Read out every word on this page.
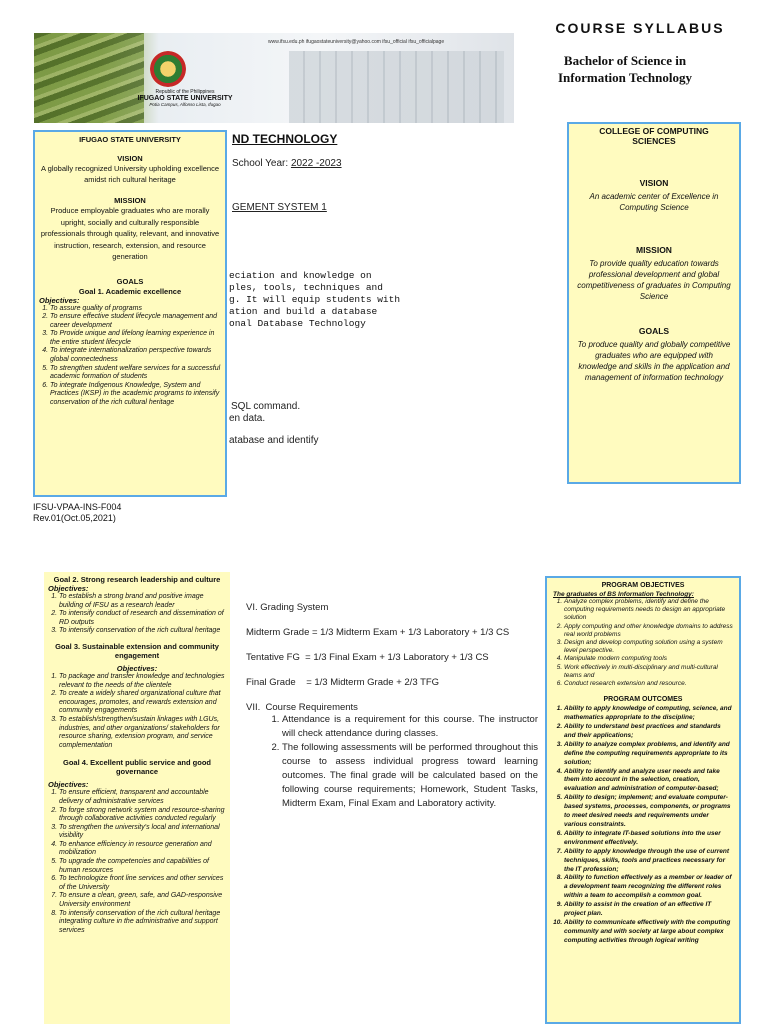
www.ifsu.edu.ph ifugaostateuniversity@yahoo.com ifsu_official ifsu_officialpage
Republic of the Philippines
IFUGAO STATE UNIVERSITY
Potia Campus, Alfonso Lista, Ifugao
COURSE SYLLABUS
Bachelor of Science in
Information Technology
ND TECHNOLOGY
School Year: 2022 -2023
GEMENT SYSTEM 1
eciation and knowledge on
ples, tools, techniques and
g. It will equip students with
ation and build a database
onal Database Technology
SQL command.
en data.
atabase and identify
IFSU-VPAA-INS-F004
Rev.01(Oct.05,2021)
IFUGAO STATE UNIVERSITY
VISION
A globally recognized University upholding excellence amidst rich cultural heritage
MISSION
Produce employable graduates who are morally upright, socially and culturally responsible professionals through quality, relevant, and innovative instruction, research, extension, and resource generation
GOALS
Goal 1. Academic excellence
Objectives:
1. To assure quality of programs
2. To ensure effective student lifecycle management and career development
3. To Provide unique and lifelong learning experience in the entire student lifecycle
4. To integrate internationalization perspective towards global connectedness
5. To strengthen student welfare services for a successful academic formation of students
6. To integrate Indigenous Knowledge, System and Practices (IKSP) in the academic programs to intensify conservation of the rich cultural heritage
COLLEGE OF COMPUTING SCIENCES
VISION
An academic center of Excellence in Computing Science
MISSION
To provide quality education towards professional development and global competitiveness of graduates in Computing Science
GOALS
To produce quality and globally competitive graduates who are equipped with knowledge and skills in the application and management of information technology
Goal 2. Strong research leadership and culture
Objectives:
1. To establish a strong brand and positive image building of IFSU as a research leader
2. To intensify conduct of research and dissemination of RD outputs
3. To intensify conservation of the rich cultural heritage
Goal 3. Sustainable extension and community engagement
Objectives:
1. To package and transfer knowledge and technologies relevant to the needs of the clientele
2. To create a widely shared organizational culture that encourages, promotes, and rewards extension and community engagements
3. To establish/strengthen/sustain linkages with LGUs, industries, and other organizations/ stakeholders for resource sharing, extension program, and service complementation
Goal 4. Excellent public service and good governance
Objectives:
1. To ensure efficient, transparent and accountable delivery of administrative services
2. To forge strong network system and resource-sharing through collaborative activities conducted regularly
3. To strengthen the university's local and international visibility
4. To enhance efficiency in resource generation and mobilization
5. To upgrade the competencies and capabilities of human resources
6. To technologize front line services and other services of the University
7. To ensure a clean, green, safe, and GAD-responsive University environment
8. To intensify conservation of the rich cultural heritage integrating culture in the administrative and support services

VI. Grading System

Midterm Grade = 1/3 Midterm Exam + 1/3 Laboratory + 1/3 CS

Tentative FG  = 1/3 Final Exam + 1/3 Laboratory + 1/3 CS

Final Grade    = 1/3 Midterm Grade + 2/3 TFG

VII.  Course Requirements

1. Attendance is a requirement for this course. The instructor will check attendance during classes.
2. The following assessments will be performed throughout this course to assess individual progress toward learning outcomes. The final grade will be calculated based on the following course requirements; Homework, Student Tasks, Midterm Exam, Final Exam and Laboratory activity.
PROGRAM OBJECTIVES
The graduates of BS Information Technology:
1. Analyze complex problems, identify and define the computing requirements needs to design an appropriate solution
2. Apply computing and other knowledge domains to address real world problems
3. Design and develop computing solution using a system level perspective.
4. Manipulate modern computing tools
5. Work effectively in multi-disciplinary and multi-cultural teams and
6. Conduct research extension and resource.
PROGRAM OUTCOMES
1. Ability to apply knowledge of computing, science, and mathematics appropriate to the discipline;
2. Ability to understand best practices and standards and their applications;
3. Ability to analyze complex problems, and identify and define the computing requirements appropriate to its solution;
4. Ability to identify and analyze user needs and take them into account in the selection, creation, evaluation and administration of computer-based;
5. Ability to design; implement; and evaluate computer-based systems, processes, components, or programs to meet desired needs and requirements under various constraints.
6. Ability to integrate IT-based solutions into the user environment effectively.
7. Ability to apply knowledge through the use of current techniques, skills, tools and practices necessary for the IT profession;
8. Ability to function effectively as a member or leader of a development team recognizing the different roles within a team to accomplish a common goal.
9. Ability to assist in the creation of an effective IT project plan.
10. Ability to communicate effectively with the computing community and with society at large about complex computing activities through logical writing
